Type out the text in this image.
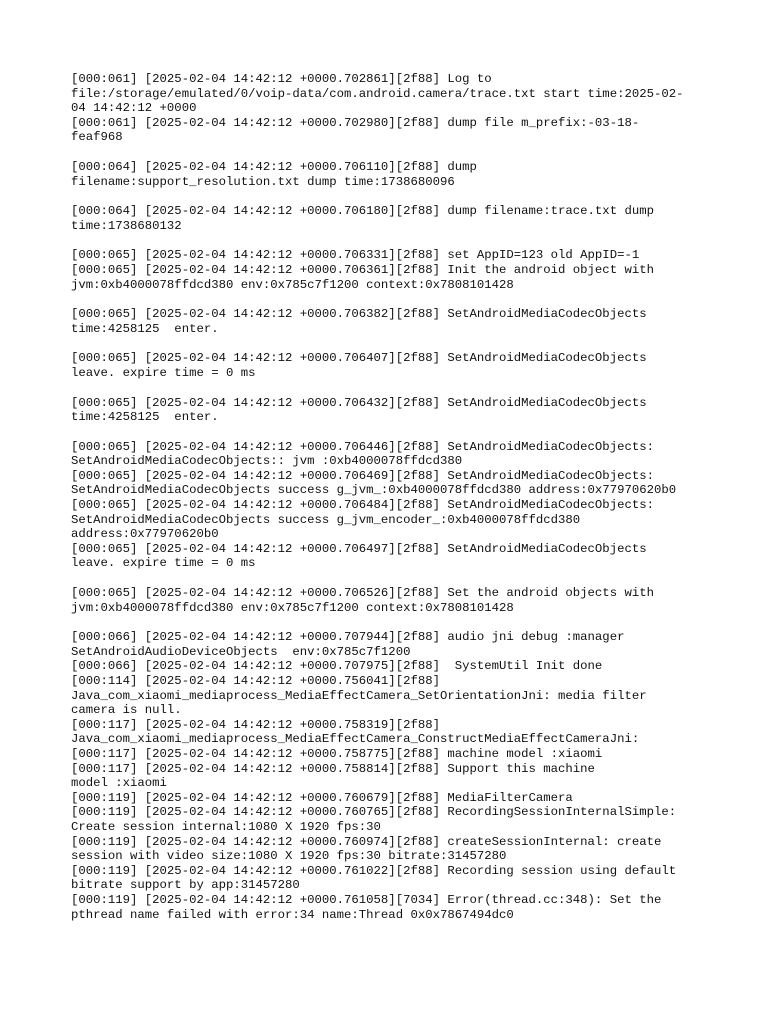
[000:061] [2025-02-04 14:42:12 +0000.702861][2f88] Log to
file:/storage/emulated/0/voip-data/com.android.camera/trace.txt start time:2025-02-
04 14:42:12 +0000
[000:061] [2025-02-04 14:42:12 +0000.702980][2f88] dump file m_prefix:-03-18-
feaf968
[000:064] [2025-02-04 14:42:12 +0000.706110][2f88] dump
filename:support_resolution.txt dump time:1738680096
[000:064] [2025-02-04 14:42:12 +0000.706180][2f88] dump filename:trace.txt dump
time:1738680132
[000:065] [2025-02-04 14:42:12 +0000.706331][2f88] set AppID=123 old AppID=-1
[000:065] [2025-02-04 14:42:12 +0000.706361][2f88] Init the android object with
jvm:0xb4000078ffdcd380 env:0x785c7f1200 context:0x7808101428
[000:065] [2025-02-04 14:42:12 +0000.706382][2f88] SetAndroidMediaCodecObjects
time:4258125  enter.
[000:065] [2025-02-04 14:42:12 +0000.706407][2f88] SetAndroidMediaCodecObjects
leave. expire time = 0 ms
[000:065] [2025-02-04 14:42:12 +0000.706432][2f88] SetAndroidMediaCodecObjects
time:4258125  enter.
[000:065] [2025-02-04 14:42:12 +0000.706446][2f88] SetAndroidMediaCodecObjects:
SetAndroidMediaCodecObjects:: jvm :0xb4000078ffdcd380
[000:065] [2025-02-04 14:42:12 +0000.706469][2f88] SetAndroidMediaCodecObjects:
SetAndroidMediaCodecObjects success g_jvm_:0xb4000078ffdcd380 address:0x77970620b0
[000:065] [2025-02-04 14:42:12 +0000.706484][2f88] SetAndroidMediaCodecObjects:
SetAndroidMediaCodecObjects success g_jvm_encoder_:0xb4000078ffdcd380
address:0x77970620b0
[000:065] [2025-02-04 14:42:12 +0000.706497][2f88] SetAndroidMediaCodecObjects
leave. expire time = 0 ms
[000:065] [2025-02-04 14:42:12 +0000.706526][2f88] Set the android objects with
jvm:0xb4000078ffdcd380 env:0x785c7f1200 context:0x7808101428
[000:066] [2025-02-04 14:42:12 +0000.707944][2f88] audio jni debug :manager
SetAndroidAudioDeviceObjects  env:0x785c7f1200
[000:066] [2025-02-04 14:42:12 +0000.707975][2f88]  SystemUtil Init done
[000:114] [2025-02-04 14:42:12 +0000.756041][2f88]
Java_com_xiaomi_mediaprocess_MediaEffectCamera_SetOrientationJni: media filter
camera is null.
[000:117] [2025-02-04 14:42:12 +0000.758319][2f88]
Java_com_xiaomi_mediaprocess_MediaEffectCamera_ConstructMediaEffectCameraJni:
[000:117] [2025-02-04 14:42:12 +0000.758775][2f88] machine model :xiaomi
[000:117] [2025-02-04 14:42:12 +0000.758814][2f88] Support this machine
model :xiaomi
[000:119] [2025-02-04 14:42:12 +0000.760679][2f88] MediaFilterCamera
[000:119] [2025-02-04 14:42:12 +0000.760765][2f88] RecordingSessionInternalSimple:
Create session internal:1080 X 1920 fps:30
[000:119] [2025-02-04 14:42:12 +0000.760974][2f88] createSessionInternal: create
session with video size:1080 X 1920 fps:30 bitrate:31457280
[000:119] [2025-02-04 14:42:12 +0000.761022][2f88] Recording session using default
bitrate support by app:31457280
[000:119] [2025-02-04 14:42:12 +0000.761058][7034] Error(thread.cc:348): Set the
pthread name failed with error:34 name:Thread 0x0x7867494dc0
